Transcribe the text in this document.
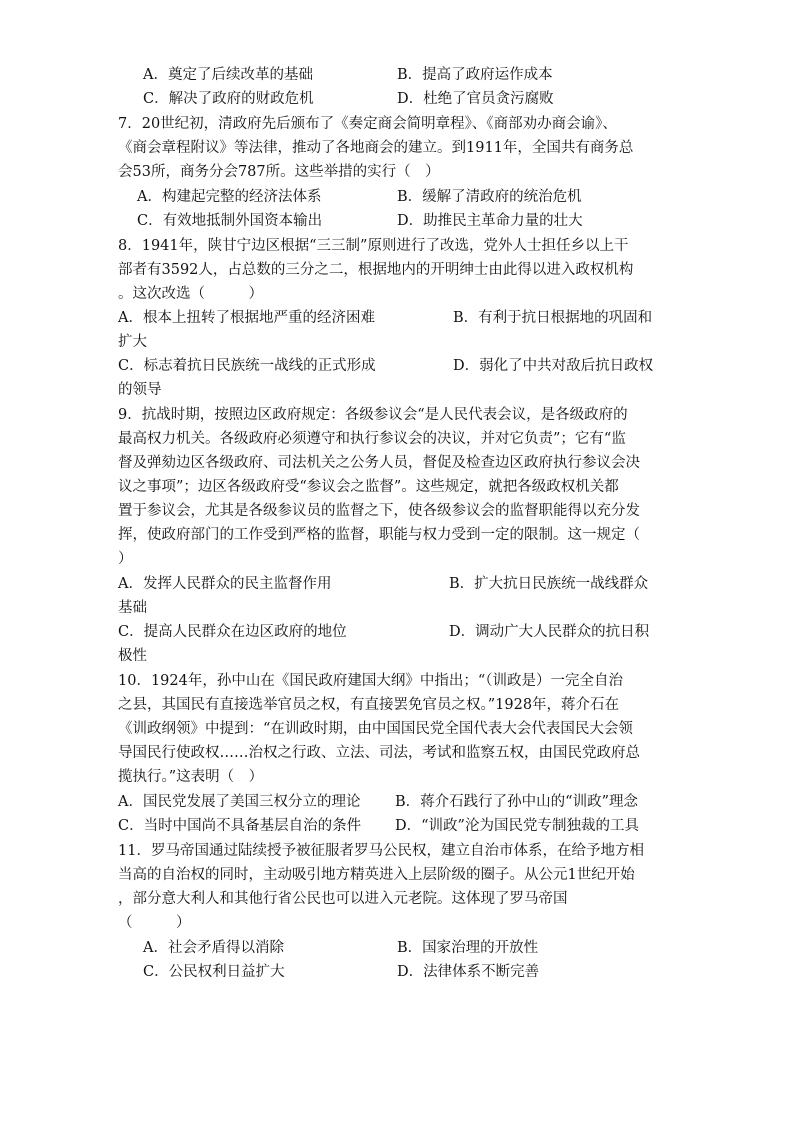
A．奠定了后续改革的基础	B．提高了政府运作成本
C．解决了政府的财政危机	D．杜绝了官员贪污腐败
7．20世纪初，清政府先后颁布了《奏定商会简明章程》、《商部劝办商会谕》、
《商会章程附议》等法律，推动了各地商会的建立。到1911年，全国共有商务总
会53所，商务分会787所。这些举措的实行（　）
A．构建起完整的经济法体系	B．缓解了清政府的统治危机
C．有效地抵制外国资本输出	D．助推民主革命力量的壮大
8．1941年，陕甘宁边区根据“三三制”原则进行了改选，党外人士担任乡以上干
部者有3592人，占总数的三分之二，根据地内的开明绅士由此得以进入政权机构
。这次改选（　　　）
A．根本上扭转了根据地严重的经济困难	B．有利于抗日根据地的巩固和
扩大
C．标志着抗日民族统一战线的正式形成	D．弱化了中共对敌后抗日政权
的领导
9．抗战时期，按照边区政府规定：各级参议会“是人民代表会议，是各级政府的
最高权力机关。各级政府必须遵守和执行参议会的决议，并对它负责”；它有“监
督及弹劾边区各级政府、司法机关之公务人员，督促及检查边区政府执行参议会决
议之事项”；边区各级政府受“参议会之监督”。这些规定，就把各级政权机关都
置于参议会，尤其是各级参议员的监督之下，使各级参议会的监督职能得以充分发
挥，使政府部门的工作受到严格的监督，职能与权力受到一定的限制。这一规定（
）
A．发挥人民群众的民主监督作用	B．扩大抗日民族统一战线群众
基础
C．提高人民群众在边区政府的地位	D．调动广大人民群众的抗日积
极性
10．1924年，孙中山在《国民政府建国大纲》中指出；“（训政是）一完全自治
之县，其国民有直接选举官员之权，有直接罢免官员之权。”1928年，蒋介石在
《训政纲领》中提到：“在训政时期，由中国国民党全国代表大会代表国民大会领
导国民行使政权……治权之行政、立法、司法，考试和监察五权，由国民党政府总
揽执行。”这表明（　）
A．国民党发展了美国三权分立的理论 B．蒋介石践行了孙中山的“训政”理念
C．当时中国尚不具备基层自治的条件 D．“训政”沦为国民党专制独裁的工具
11．罗马帝国通过陆续授予被征服者罗马公民权，建立自治市体系，在给予地方相
当高的自治权的同时，主动吸引地方精英进入上层阶级的圈子。从公元1世纪开始
，部分意大利人和其他行省公民也可以进入元老院。这体现了罗马帝国
（　　　）
A．社会矛盾得以消除	B．国家治理的开放性
C．公民权利日益扩大	D．法律体系不断完善
